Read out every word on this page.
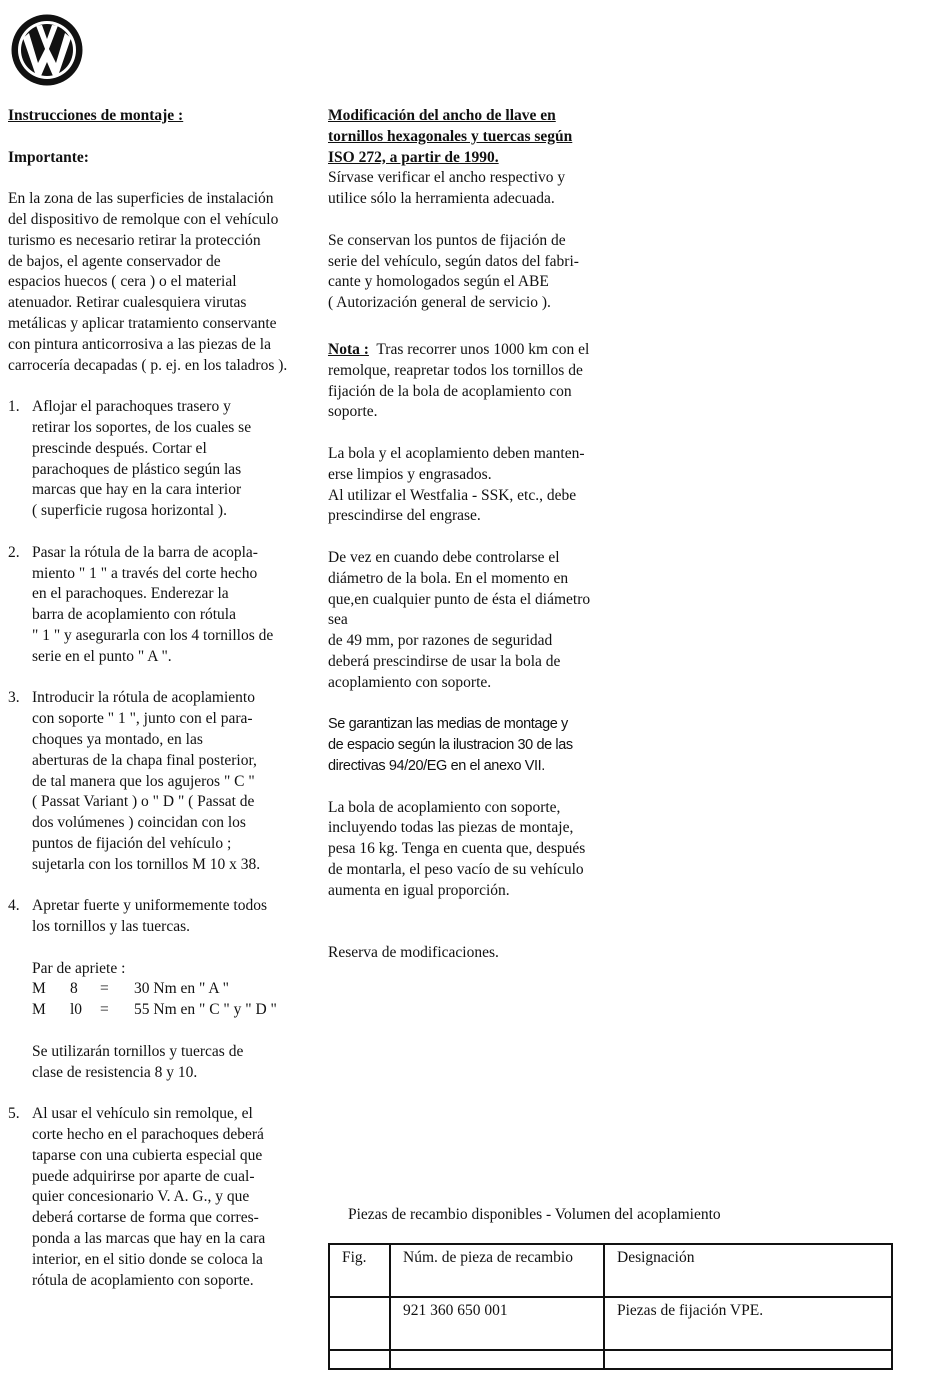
Instrucciones de montaje :
Importante:
En la zona de las superficies de instalación
del dispositivo de remolque con el vehículo
turismo es necesario retirar la protección
de bajos, el agente conservador de
espacios huecos ( cera ) o el material
atenuador. Retirar cualesquiera virutas
metálicas y aplicar tratamiento conservante
con pintura anticorrosiva a las piezas de la
carrocería decapadas ( p. ej. en los taladros ).
1. Aflojar el parachoques trasero y
retirar los soportes, de los cuales se
prescinde después. Cortar el
parachoques de plástico según las
marcas que hay en la cara interior
( superficie rugosa horizontal ).
2. Pasar la rótula de la barra de acopla-
miento " 1 " a través del corte hecho
en el parachoques. Enderezar la
barra de acoplamiento con rótula
" 1 " y asegurarla con los 4 tornillos de
serie en el punto " A ".
3. Introducir la rótula de acoplamiento
con soporte " 1 ", junto con el para-
choques ya montado, en las
aberturas de la chapa final posterior,
de tal manera que los agujeros " C "
( Passat Variant ) o " D " ( Passat de
dos volúmenes ) coincidan con los
puntos de fijación del vehículo ;
sujetarla con los tornillos M 10 x 38.
4. Apretar fuerte y uniformemente todos
los tornillos y las tuercas.
Par de apriete :
M	8	=	30 Nm en " A "
M	l0	=	55 Nm en " C " y " D "
Se utilizarán tornillos y tuercas de
clase de resistencia 8 y 10.
5. Al usar el vehículo sin remolque, el
corte hecho en el parachoques deberá
taparse con una cubierta especial que
puede adquirirse por aparte de cual-
quier concesionario V. A. G., y que
deberá cortarse de forma que corres-
ponda a las marcas que hay en la cara
interior, en el sitio donde se coloca la
rótula de acoplamiento con soporte.
Modificación del ancho de llave en
tornillos hexagonales y tuercas según
ISO 272, a partir de 1990.
Sírvase verificar el ancho respectivo y
utilice sólo la herramienta adecuada.
Se conservan los puntos de fijación de
serie del vehículo, según datos del fabri-
cante y homologados según el ABE
( Autorización general de servicio ).
Nota :  Tras recorrer unos 1000 km con el
remolque, reapretar todos los tornillos de
fijación de la bola de acoplamiento con
soporte.
La bola y el acoplamiento deben manten-
erse limpios y engrasados.
Al utilizar el Westfalia - SSK, etc., debe
prescindirse del engrase.
De vez en cuando debe controlarse el
diámetro de la bola. En el momento en
que,en cualquier punto de ésta el diámetro
sea
de 49 mm, por razones de seguridad
deberá prescindirse de usar la bola de
acoplamiento con soporte.
Se garantizan las medias de montage y
de espacio según la ilustracion 30 de las
directivas 94/20/EG en el anexo VII.
La bola de acoplamiento con soporte,
incluyendo todas las piezas de montaje,
pesa 16 kg. Tenga en cuenta que, después
de montarla, el peso vacío de su vehículo
aumenta en igual proporción.
Reserva de modificaciones.
Piezas de recambio disponibles - Volumen del acoplamiento
Fig.	Núm. de pieza de recambio	Designación
	921 360 650 001	Piezas de fijación VPE.
